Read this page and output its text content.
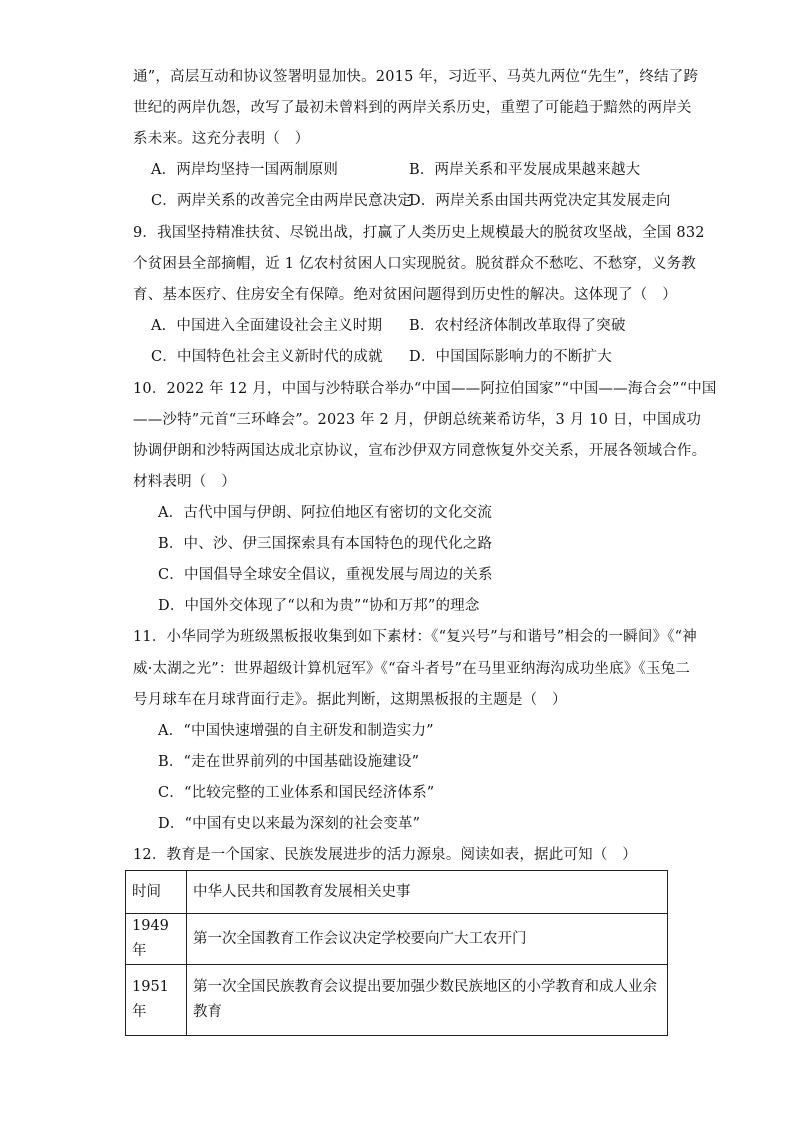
通”，高层互动和协议签署明显加快。2015 年，习近平、马英九两位“先生”，终结了跨
世纪的两岸仇怨，改写了最初未曾料到的两岸关系历史，重塑了可能趋于黯然的两岸关
系未来。这充分表明（　）
A．两岸均坚持一国两制原则	B．两岸关系和平发展成果越来越大
C．两岸关系的改善完全由两岸民意决定
D．两岸关系由国共两党决定其发展走向
9．我国坚持精准扶贫、尽锐出战，打赢了人类历史上规模最大的脱贫攻坚战，全国 832
个贫困县全部摘帽，近 1 亿农村贫困人口实现脱贫。脱贫群众不愁吃、不愁穿，义务教
育、基本医疗、住房安全有保障。绝对贫困问题得到历史性的解决。这体现了（　）
A．中国进入全面建设社会主义时期 B．农村经济体制改革取得了突破
C．中国特色社会主义新时代的成就 D．中国国际影响力的不断扩大
10．2022 年 12 月，中国与沙特联合举办“中国——阿拉伯国家”“中国——海合会”“中国
——沙特”元首“三环峰会”。2023 年 2 月，伊朗总统莱希访华，3 月 10 日，中国成功
协调伊朗和沙特两国达成北京协议，宣布沙伊双方同意恢复外交关系，开展各领域合作。
材料表明（　）
A．古代中国与伊朗、阿拉伯地区有密切的文化交流
B．中、沙、伊三国探索具有本国特色的现代化之路
C．中国倡导全球安全倡议，重视发展与周边的关系
D．中国外交体现了“以和为贵”“协和万邦”的理念
11．小华同学为班级黑板报收集到如下素材：《“复兴号”与和谐号”相会的一瞬间》《“神
威·太湖之光”：世界超级计算机冠军》《“奋斗者号”在马里亚纳海沟成功坐底》《玉兔二
号月球车在月球背面行走》。据此判断，这期黑板报的主题是（　）
A．“中国快速增强的自主研发和制造实力”
B．“走在世界前列的中国基础设施建设”
C．“比较完整的工业体系和国民经济体系”
D．“中国有史以来最为深刻的社会变革”
12．教育是一个国家、民族发展进步的活力源泉。阅读如表，据此可知（　）
时间	中华人民共和国教育发展相关史事
1949 年	第一次全国教育工作会议决定学校要向广大工农开门
1951 年	第一次全国民族教育会议提出要加强少数民族地区的小学教育和成人业余教育
